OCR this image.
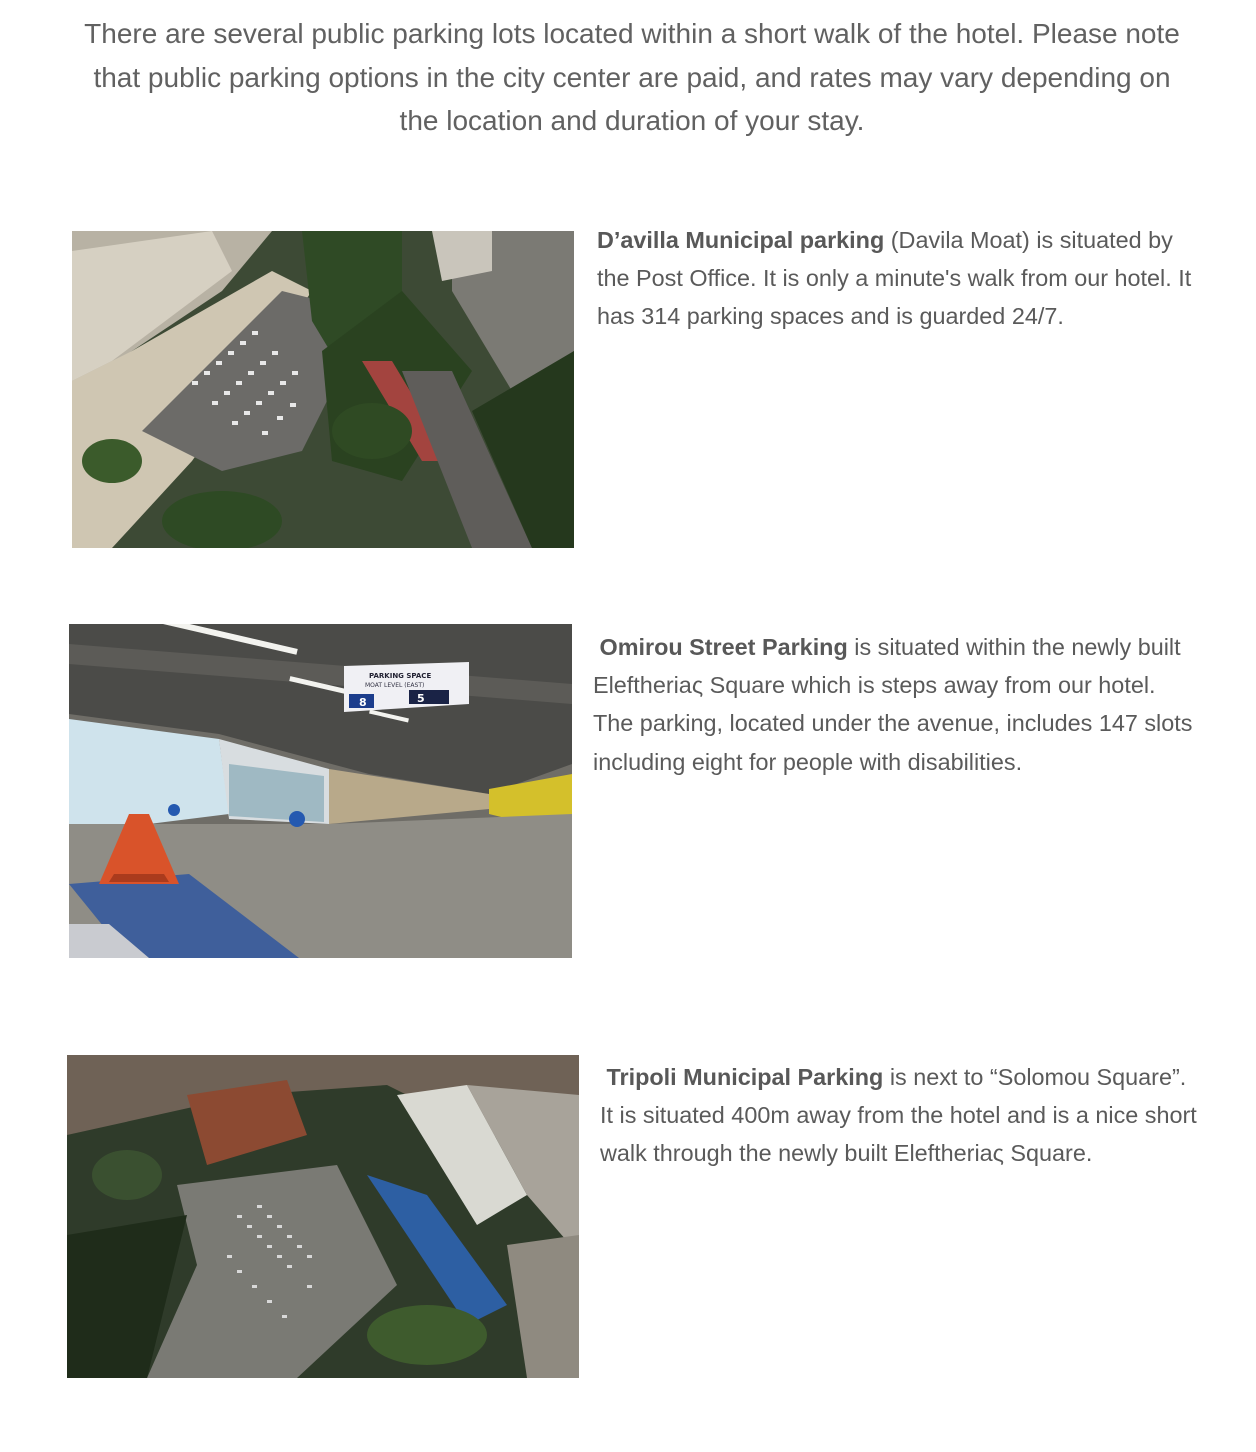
There are several public parking lots located within a short walk of the hotel. Please note that public parking options in the city center are paid, and rates may vary depending on the location and duration of your stay.

D’avilla Municipal parking (Davila Moat) is situated by the Post Office. It is only a minute's walk from our hotel. It has 314 parking spaces and is guarded 24/7.

PARKING SPACE
MOAT LEVEL (EAST)
8	5

Omirou Street Parking is situated within the newly built Eleftheriaς Square which is steps away from our hotel. The parking, located under the avenue, includes 147 slots including eight for people with disabilities.

Tripoli Municipal Parking is next to “Solomou Square”. It is situated 400m away from the hotel and is a nice short walk through the newly built Eleftheriaς Square.
